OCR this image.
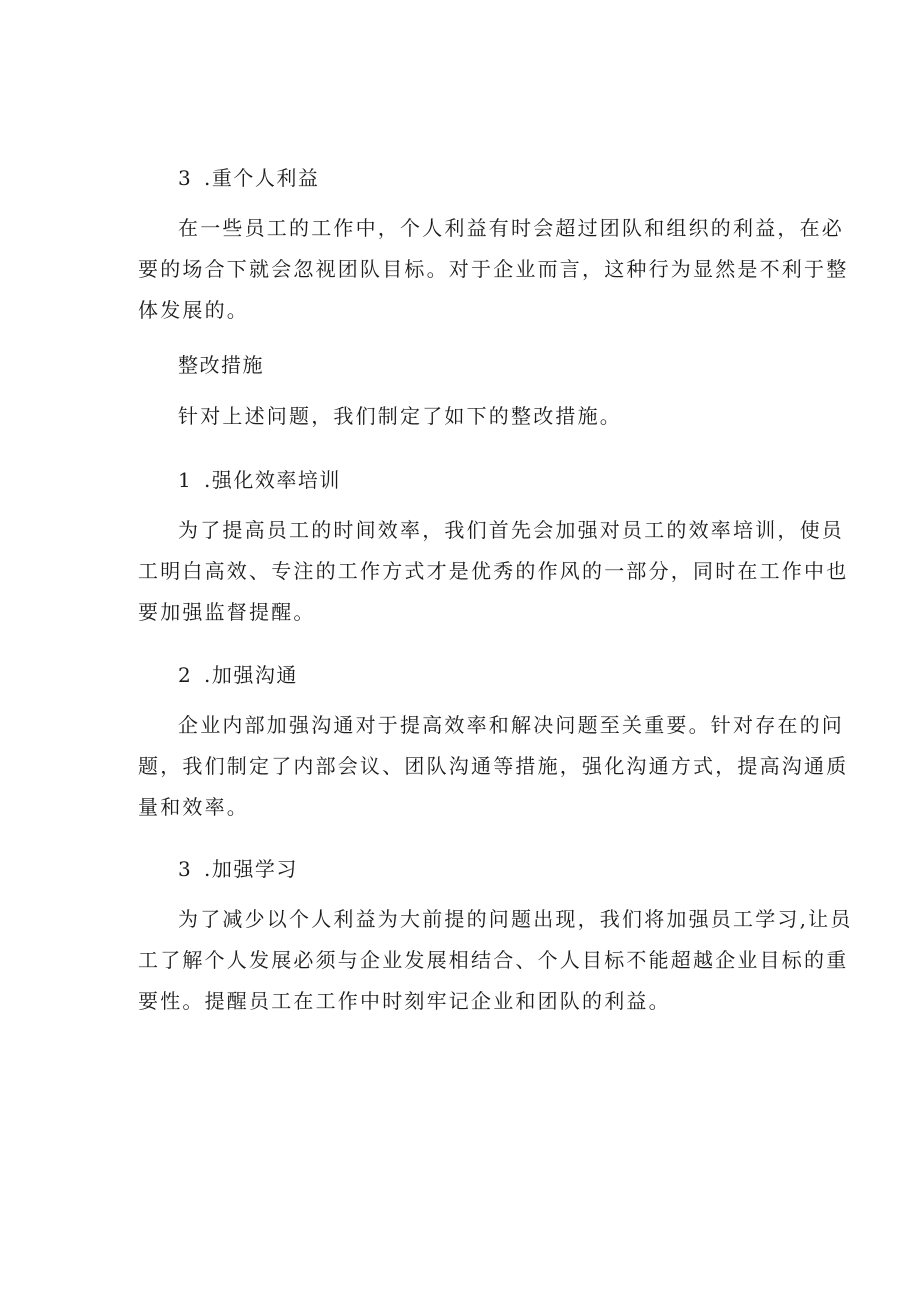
3 .重个人利益
在一些员工的工作中，个人利益有时会超过团队和组织的利益，在必
要的场合下就会忽视团队目标。对于企业而言，这种行为显然是不利于整
体发展的。
整改措施
针对上述问题，我们制定了如下的整改措施。
1 .强化效率培训
为了提高员工的时间效率，我们首先会加强对员工的效率培训，使员
工明白高效、专注的工作方式才是优秀的作风的一部分，同时在工作中也
要加强监督提醒。
2 .加强沟通
企业内部加强沟通对于提高效率和解决问题至关重要。针对存在的问
题，我们制定了内部会议、团队沟通等措施，强化沟通方式，提高沟通质
量和效率。
3 .加强学习
为了减少以个人利益为大前提的问题出现，我们将加强员工学习,让员
工了解个人发展必须与企业发展相结合、个人目标不能超越企业目标的重
要性。提醒员工在工作中时刻牢记企业和团队的利益。
